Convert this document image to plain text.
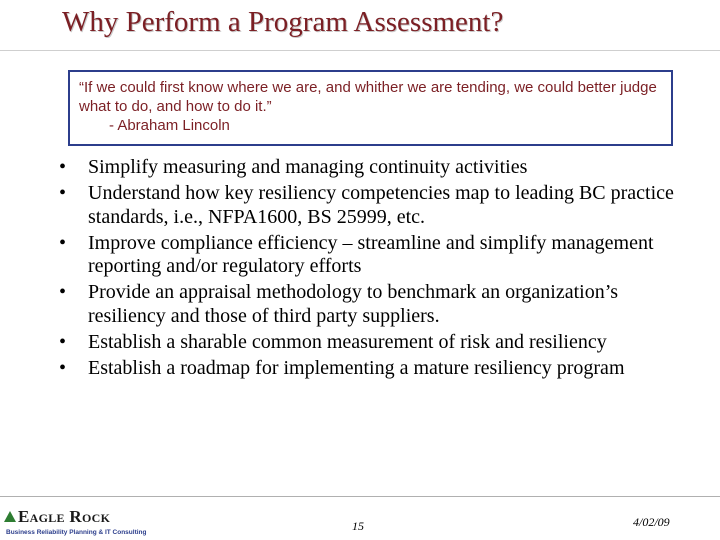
Why Perform a Program Assessment?
“If we could first know where we are, and whither we are tending, we could better judge what to do, and how to do it.”
- Abraham Lincoln
• Simplify measuring and managing continuity activities
• Understand how key resiliency competencies map to leading BC practice standards, i.e., NFPA1600, BS 25999, etc.
• Improve compliance efficiency – streamline and simplify management reporting and/or regulatory efforts
• Provide an appraisal methodology to benchmark an organization’s resiliency and those of third party suppliers.
• Establish a sharable common measurement of risk and resiliency
• Establish a roadmap for implementing a mature resiliency program
Eagle Rock
Business Reliability Planning & IT Consulting	15	4/02/09
